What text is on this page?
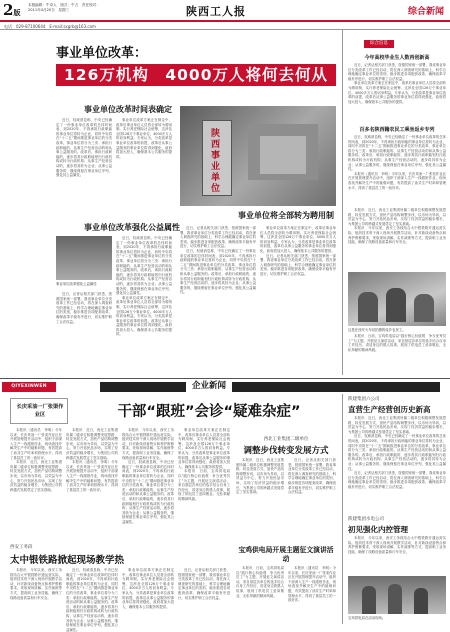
2版
本版编辑：牛卓人　版式：牛占　责任校对：
2011年4月20日　星期三	陕西工人报	综合新闻
电话：029-87100644　E-mail:sxgrb@163.com
事业单位改革：
126万机构　4000万人将何去何从
事业单位改革时间表确定

近日，权威消息称，中央已经确定了一份事业单位改革的总体时间表，到2020年，不再承担行政职能的事业单位将转为企业，同时中央将在“十二五”期间推进事业单位的分类改革，事业单位将分为三类：承担行政职能的、从事生产经营活动的和从事公益服务的。改革后，承担行政职能的，逐步将其行政职能划归行政机构或转为行政机构；从事生产经营活动的，逐步将其转为企业；从事公益服务的，继续保留在事业单位序列，强化其公益属性。

事业单位改革方案正在制定中，改革后事业单位人员将全部转为聘用制，实行养老保险社会统筹，这涉及全国126万个事业单位、4000多万人的切身利益。专家认为，分类改革是事业单位改革的前提，改革后从事公益服务的事业单位将得到强化，政府将加大投入，确保基本公共服务的提供。	陕西事业单位
事业单位将全部转为聘用制

近日，记者从相关部门获悉，按照国家统一部署，我省事业单位分类改革工作已经启动，将在深入调查研究的基础上，科学合理地确定事业单位的类别，稳步推进各项配套改革，确保改革平稳有序进行，切实维护职工合法权益。

近日，权威消息称，中央已经确定了一份事业单位改革的总体时间表，到2020年，不再承担行政职能的事业单位将转为企业，同时中央将在“十二五”期间推进事业单位的分类改革，事业单位将分为三类：承担行政职能的、从事生产经营活动的和从事公益服务的。改革后，承担行政职能的，逐步将其行政职能划归行政机构或转为行政机构；从事生产经营活动的，逐步将其转为企业；从事公益服务的，继续保留在事业单位序列，强化其公益属性。

事业单位改革方案正在制定中，改革后事业单位人员将全部转为聘用制，实行养老保险社会统筹，这涉及全国126万个事业单位、4000多万人的切身利益。专家认为，分类改革是事业单位改革的前提，改革后从事公益服务的事业单位将得到强化，政府将加大投入，确保基本公共服务的提供。

近日，记者从相关部门获悉，按照国家统一部署，我省事业单位分类改革工作已经启动，将在深入调查研究的基础上，科学合理地确定事业单位的类别，稳步推进各项配套改革，确保改革平稳有序进行，切实维护职工合法权益。

事业单位改革强化公益属性
事业单位改革强化公益属性

近日，记者从相关部门获悉，按照国家统一部署，我省事业单位分类改革工作已经启动，将在深入调查研究的基础上，科学合理地确定事业单位的类别，稳步推进各项配套改革，确保改革平稳有序进行，切实维护职工合法权益。

近日，权威消息称，中央已经确定了一份事业单位改革的总体时间表，到2020年，不再承担行政职能的事业单位将转为企业，同时中央将在“十二五”期间推进事业单位的分类改革，事业单位将分为三类：承担行政职能的、从事生产经营活动的和从事公益服务的。改革后，承担行政职能的，逐步将其行政职能划归行政机构或转为行政机构；从事生产经营活动的，逐步将其转为企业；从事公益服务的，继续保留在事业单位序列，强化其公益属性。

事业单位改革方案正在制定中，改革后事业单位人员将全部转为聘用制，实行养老保险社会统筹，这涉及全国126万个事业单位、4000多万人的切身利益。专家认为，分类改革是事业单位改革的前提，改革后从事公益服务的事业单位将得到强化，政府将加大投入，确保基本公共服务的提供。

综合信息
今年高校毕业生人数再创新高

近日，记者从相关部门获悉，按照国家统一部署，我省事业单位分类改革工作已经启动，将在深入调查研究的基础上，科学合理地确定事业单位的类别，稳步推进各项配套改革，确保改革平稳有序进行，切实维护职工合法权益。

事业单位改革方案正在制定中，改革后事业单位人员将全部转为聘用制，实行养老保险社会统筹，这涉及全国126万个事业单位、4000多万人的切身利益。专家认为，分类改革是事业单位改革的前提，改革后从事公益服务的事业单位将得到强化，政府将加大投入，确保基本公共服务的提供。

百多名陕西籍农民工乘坐返乡专列

近日，权威消息称，中央已经确定了一份事业单位改革的总体时间表，到2020年，不再承担行政职能的事业单位将转为企业，同时中央将在“十二五”期间推进事业单位的分类改革，事业单位将分为三类：承担行政职能的、从事生产经营活动的和从事公益服务的。改革后，承担行政职能的，逐步将其行政职能划归行政机构或转为行政机构；从事生产经营活动的，逐步将其转为企业；从事公益服务的，继续保留在事业单位序列，强化其公益属性。

本报讯（通讯员　李明）今年以来，长庆采油一厂张渠作业区在开展管理提升活动中，组织干部深入生产一线跟班作业，现场查找并解决生产中的疑难问题，有效提高了油井生产时率和管理水平，得到了基层员工的一致好评。

本报讯　近日，西北工业集团所属二级单位积极调整发展思路，转变发展方式，加快产品结构调整步伐，以市场为导向，以效益为中心，努力开拓民品市场，实现了经济效益的稳步增长，为集团公司的跨越式发展奠定了坚实基础。

本报讯　今年以来，西安工务段结合太中银铁路开通运营实际，组织技术骨干深入现场开展教学活动，针对新线设备特点和养护维修要求，采取现场讲解、实作演练等方式，提高职工业务技能，确保了线路设备质量和行车安全。

这是在西安火车站拍摄的返乡农民工。

本报讯　日前，宝鸡供电局以“践行核心价值观　争当优秀员工”为主题，开展征文演讲活动，来自基层各单位的选手结合自身工作经历，讲述身边的感人故事，展现了供电员工爱岗敬业、无私奉献的精神风貌。

QIYEXINWEN	企业新闻
长庆采油一厂张渠作业区	干部“跟班”会诊“疑难杂症”

本报讯（通讯员　李明）今年以来，长庆采油一厂张渠作业区在开展管理提升活动中，组织干部深入生产一线跟班作业，现场查找并解决生产中的疑难问题，有效提高了油井生产时率和管理水平，得到了基层员工的一致好评。

本报讯　近日，西北工业集团所属二级单位积极调整发展思路，转变发展方式，加快产品结构调整步伐，以市场为导向，以效益为中心，努力开拓民品市场，实现了经济效益的稳步增长，为集团公司的跨越式发展奠定了坚实基础。

本报讯　近日，西北工业集团所属二级单位积极调整发展思路，转变发展方式，加快产品结构调整步伐，以市场为导向，以效益为中心，努力开拓民品市场，实现了经济效益的稳步增长，为集团公司的跨越式发展奠定了坚实基础。

本报讯（通讯员　李明）今年以来，长庆采油一厂张渠作业区在开展管理提升活动中，组织干部深入生产一线跟班作业，现场查找并解决生产中的疑难问题，有效提高了油井生产时率和管理水平，得到了基层员工的一致好评。

本报讯　今年以来，西安工务段结合太中银铁路开通运营实际，组织技术骨干深入现场开展教学活动，针对新线设备特点和养护维修要求，采取现场讲解、实作演练等方式，提高职工业务技能，确保了线路设备质量和行车安全。

近日，权威消息称，中央已经确定了一份事业单位改革的总体时间表，到2020年，不再承担行政职能的事业单位将转为企业，同时中央将在“十二五”期间推进事业单位的分类改革，事业单位将分为三类：承担行政职能的、从事生产经营活动的和从事公益服务的。改革后，承担行政职能的，逐步将其行政职能划归行政机构或转为行政机构；从事生产经营活动的，逐步将其转为企业；从事公益服务的，继续保留在事业单位序列，强化其公益属性。

事业单位改革方案正在制定中，改革后事业单位人员将全部转为聘用制，实行养老保险社会统筹，这涉及全国126万个事业单位、4000多万人的切身利益。专家认为，分类改革是事业单位改革的前提，改革后从事公益服务的事业单位将得到强化，政府将加大投入，确保基本公共服务的提供。

本报讯　日前，宝鸡供电局以“践行核心价值观　争当优秀员工”为主题，开展征文演讲活动，来自基层各单位的选手结合自身工作经历，讲述身边的感人故事，展现了供电员工爱岗敬业、无私奉献的精神风貌。

西北工业集团二级单位
调整步伐转变发展方式

本报讯　近日，西北工业集团所属二级单位积极调整发展思路，转变发展方式，加快产品结构调整步伐，以市场为导向，以效益为中心，努力开拓民品市场，实现了经济效益的稳步增长，为集团公司的跨越式发展奠定了坚实基础。

近日，记者从相关部门获悉，按照国家统一部署，我省事业单位分类改革工作已经启动，将在深入调查研究的基础上，科学合理地确定事业单位的类别，稳步推进各项配套改革，确保改革平稳有序进行，切实维护职工合法权益。

西安工务段
太中银铁路掀起现场教学热

本报讯　今年以来，西安工务段结合太中银铁路开通运营实际，组织技术骨干深入现场开展教学活动，针对新线设备特点和养护维修要求，采取现场讲解、实作演练等方式，提高职工业务技能，确保了线路设备质量和行车安全。

近日，权威消息称，中央已经确定了一份事业单位改革的总体时间表，到2020年，不再承担行政职能的事业单位将转为企业，同时中央将在“十二五”期间推进事业单位的分类改革，事业单位将分为三类：承担行政职能的、从事生产经营活动的和从事公益服务的。改革后，承担行政职能的，逐步将其行政职能划归行政机构或转为行政机构；从事生产经营活动的，逐步将其转为企业；从事公益服务的，继续保留在事业单位序列，强化其公益属性。

事业单位改革方案正在制定中，改革后事业单位人员将全部转为聘用制，实行养老保险社会统筹，这涉及全国126万个事业单位、4000多万人的切身利益。专家认为，分类改革是事业单位改革的前提，改革后从事公益服务的事业单位将得到强化，政府将加大投入，确保基本公共服务的提供。

近日，记者从相关部门获悉，按照国家统一部署，我省事业单位分类改革工作已经启动，将在深入调查研究的基础上，科学合理地确定事业单位的类别，稳步推进各项配套改革，确保改革平稳有序进行，切实维护职工合法权益。

宝鸡供电局开展主题征文演讲活动

本报讯　日前，宝鸡供电局以“践行核心价值观　争当优秀员工”为主题，开展征文演讲活动，来自基层各单位的选手结合自身工作经历，讲述身边的感人故事，展现了供电员工爱岗敬业、无私奉献的精神风貌。

本报讯（通讯员　李明）今年以来，长庆采油一厂张渠作业区在开展管理提升活动中，组织干部深入生产一线跟班作业，现场查找并解决生产中的疑难问题，有效提高了油井生产时率和管理水平，得到了基层员工的一致好评。

陕建集团六公司
直营生产经营创历史新高

本报讯　近日，西北工业集团所属二级单位积极调整发展思路，转变发展方式，加快产品结构调整步伐，以市场为导向，以效益为中心，努力开拓民品市场，实现了经济效益的稳步增长，为集团公司的跨越式发展奠定了坚实基础。

近日，权威消息称，中央已经确定了一份事业单位改革的总体时间表，到2020年，不再承担行政职能的事业单位将转为企业，同时中央将在“十二五”期间推进事业单位的分类改革，事业单位将分为三类：承担行政职能的、从事生产经营活动的和从事公益服务的。改革后，承担行政职能的，逐步将其行政职能划归行政机构或转为行政机构；从事生产经营活动的，逐步将其转为企业；从事公益服务的，继续保留在事业单位序列，强化其公益属性。

近日，记者从相关部门获悉，按照国家统一部署，我省事业单位分类改革工作已经启动，将在深入调查研究的基础上，科学合理地确定事业单位的类别，稳步推进各项配套改革，确保改革平稳有序进行，切实维护职工合法权益。

陕建集团水电公司
初见强化内控管理

本报讯　今年以来，西安工务段结合太中银铁路开通运营实际，组织技术骨干深入现场开展教学活动，针对新线设备特点和养护维修要求，采取现场讲解、实作演练等方式，提高职工业务技能，确保了线路设备质量和行车安全。

宝鸡供电局在活动现场。
